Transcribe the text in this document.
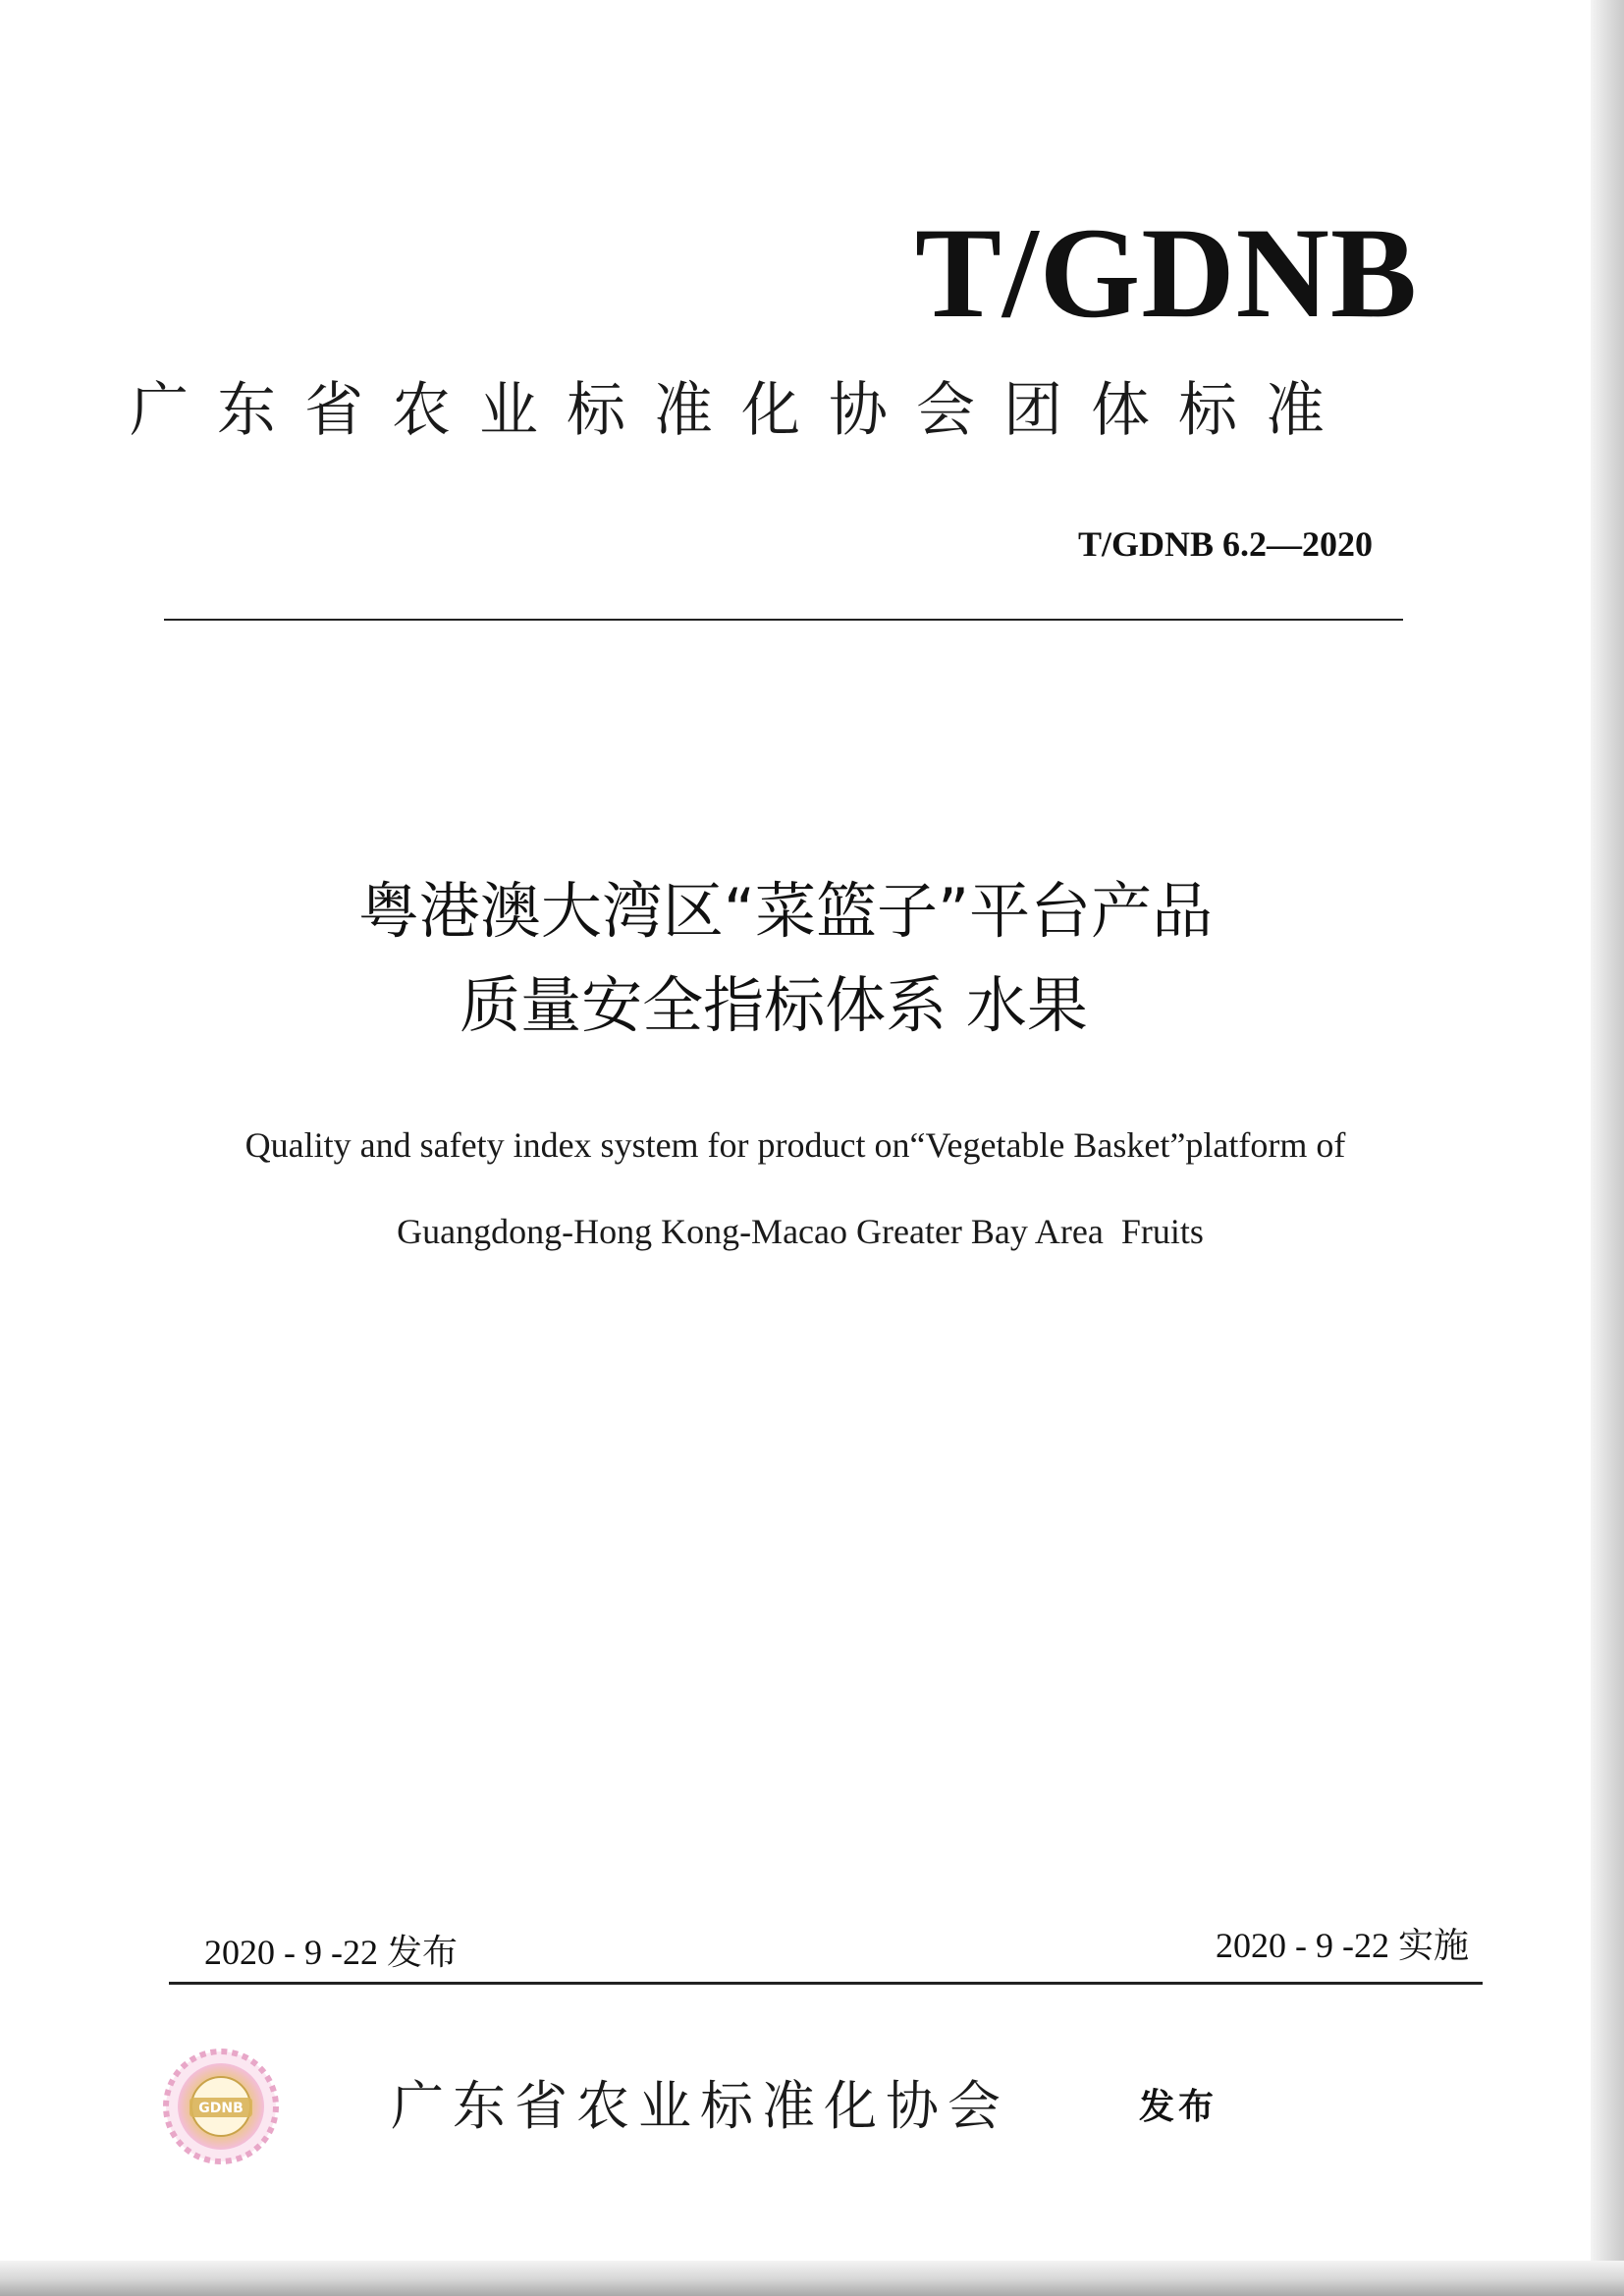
T/GDNB
广东省农业标准化协会团体标准
T/GDNB 6.2—2020
粤港澳大湾区“菜篮子”平台产品
质量安全指标体系 水果
Quality and safety index system for product on“Vegetable Basket”platform of
Guangdong-Hong Kong-Macao Greater Bay Area  Fruits
2020 - 9 -22 发布	2020 - 9 -22 实施
GDNB	广东省农业标准化协会	发布
